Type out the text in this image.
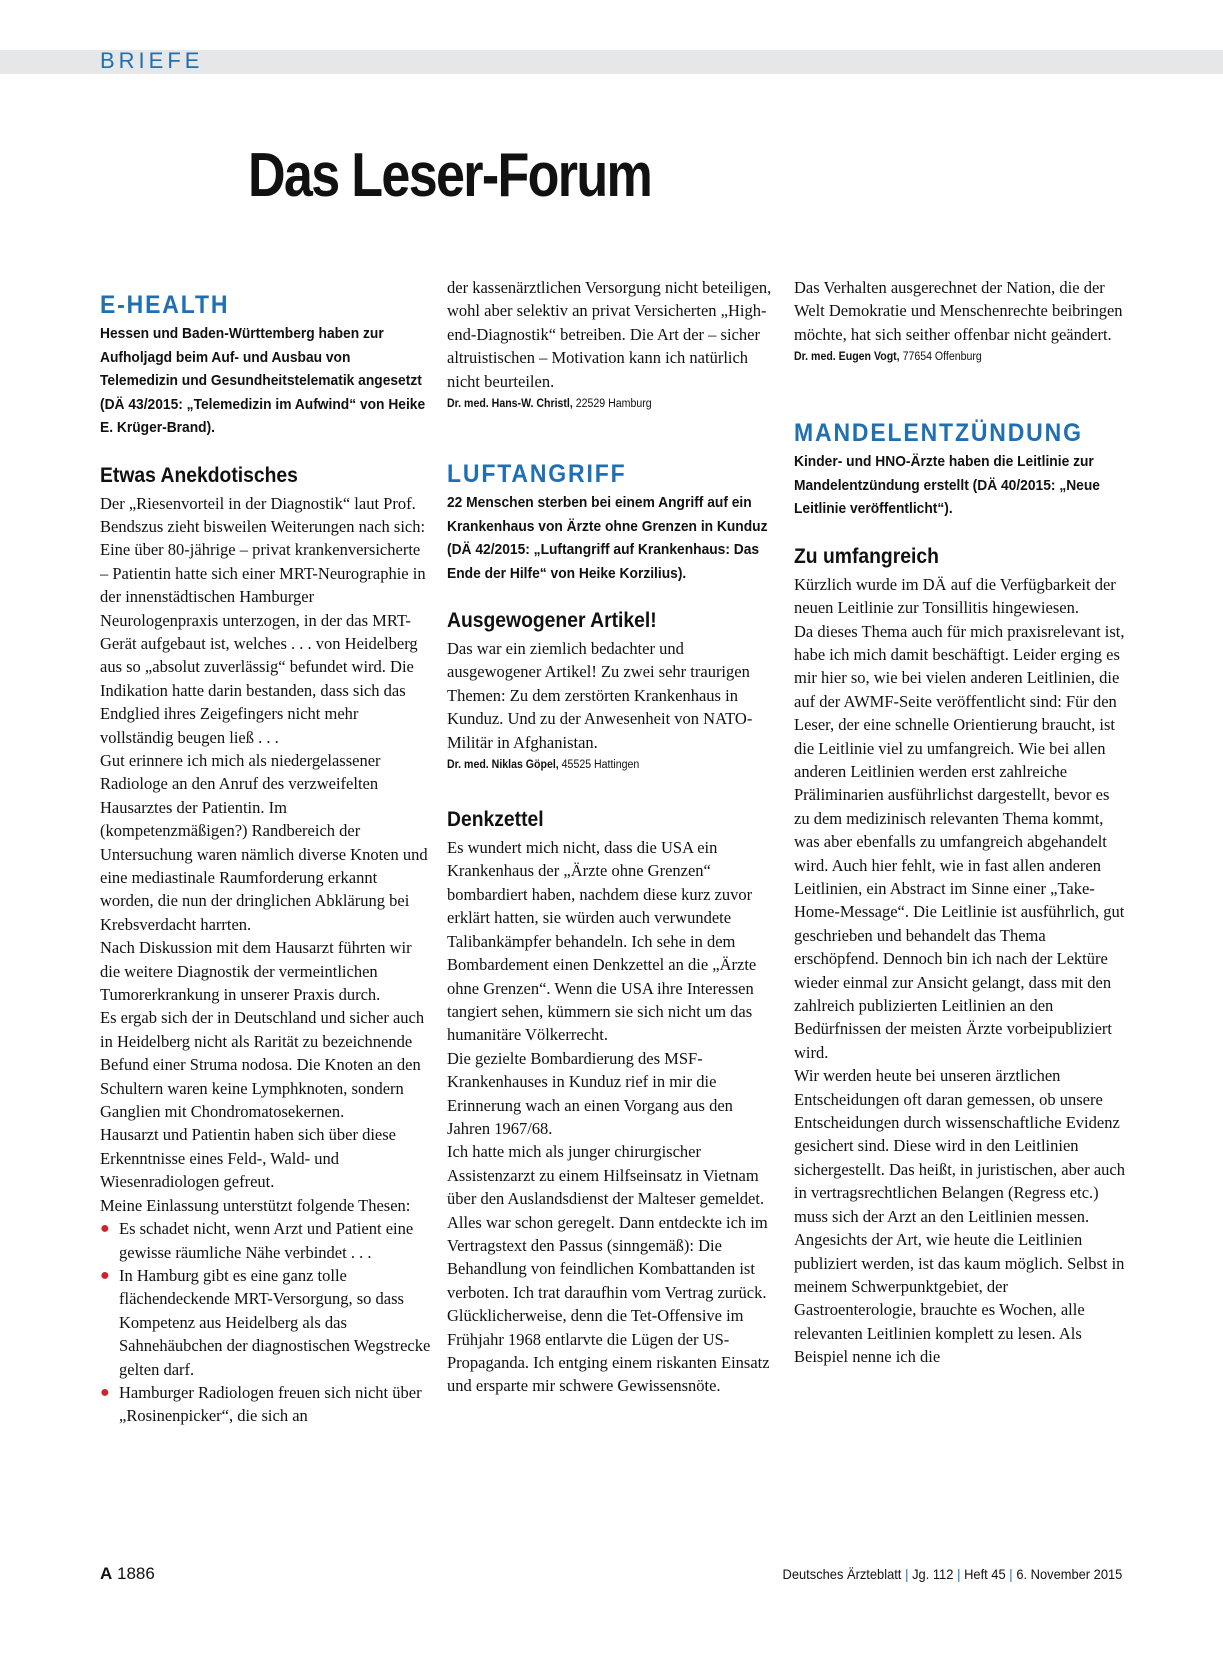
BRIEFE
Das Leser-Forum
E-HEALTH

Hessen und Baden-Württemberg haben zur Aufholjagd beim Auf- und Ausbau von Telemedizin und Gesundheitstelematik angesetzt (DÄ 43/2015: „Telemedizin im Aufwind“ von Heike E. Krüger-Brand).

Etwas Anekdotisches

Der „Riesenvorteil in der Diagnostik“ laut Prof. Bendszus zieht bisweilen Weiterungen nach sich:
Eine über 80-jährige – privat krankenversicherte – Patientin hatte sich einer MRT-Neurographie in der innenstädtischen Hamburger Neurologenpraxis unterzogen, in der das MRT-Gerät aufgebaut ist, welches . . . von Heidelberg aus so „absolut zuverlässig“ befundet wird. Die Indikation hatte darin bestanden, dass sich das Endglied ihres Zeigefingers nicht mehr vollständig beugen ließ . . .
Gut erinnere ich mich als niedergelassener Radiologe an den Anruf des verzweifelten Hausarztes der Patientin. Im (kompetenzmäßigen?) Randbereich der Untersuchung waren nämlich diverse Knoten und eine mediastinale Raumforderung erkannt worden, die nun der dringlichen Abklärung bei Krebsverdacht harrten.
Nach Diskussion mit dem Hausarzt führten wir die weitere Diagnostik der vermeintlichen Tumorerkrankung in unserer Praxis durch.
Es ergab sich der in Deutschland und sicher auch in Heidelberg nicht als Rarität zu bezeichnende Befund einer Struma nodosa. Die Knoten an den Schultern waren keine Lymphknoten, sondern Ganglien mit Chondromatosekernen.
Hausarzt und Patientin haben sich über diese Erkenntnisse eines Feld-, Wald- und Wiesenradiologen gefreut.
Meine Einlassung unterstützt folgende Thesen:

● Es schadet nicht, wenn Arzt und Patient eine gewisse räumliche Nähe verbindet . . .
● In Hamburg gibt es eine ganz tolle flächendeckende MRT-Versorgung, so dass Kompetenz aus Heidelberg als das Sahnehäubchen der diagnostischen Wegstrecke gelten darf.
● Hamburger Radiologen freuen sich nicht über „Rosinenpicker“, die sich an

der kassenärztlichen Versorgung nicht beteiligen, wohl aber selektiv an privat Versicherten „High-end-Diagnostik“ betreiben. Die Art der – sicher altruistischen – Motivation kann ich natürlich nicht beurteilen.

Dr. med. Hans-W. Christl, 22529 Hamburg

LUFTANGRIFF

22 Menschen sterben bei einem Angriff auf ein Krankenhaus von Ärzte ohne Grenzen in Kunduz (DÄ 42/2015: „Luftangriff auf Krankenhaus: Das Ende der Hilfe“ von Heike Korzilius).

Ausgewogener Artikel!

Das war ein ziemlich bedachter und ausgewogener Artikel! Zu zwei sehr traurigen Themen: Zu dem zerstörten Krankenhaus in Kunduz. Und zu der Anwesenheit von NATO-Militär in Afghanistan.

Dr. med. Niklas Göpel, 45525 Hattingen

Denkzettel

Es wundert mich nicht, dass die USA ein Krankenhaus der „Ärzte ohne Grenzen“ bombardiert haben, nachdem diese kurz zuvor erklärt hatten, sie würden auch verwundete Talibankämpfer behandeln. Ich sehe in dem Bombardement einen Denkzettel an die „Ärzte ohne Grenzen“. Wenn die USA ihre Interessen tangiert sehen, kümmern sie sich nicht um das humanitäre Völkerrecht.
Die gezielte Bombardierung des MSF-Krankenhauses in Kunduz rief in mir die Erinnerung wach an einen Vorgang aus den Jahren 1967/68.
Ich hatte mich als junger chirurgischer Assistenzarzt zu einem Hilfseinsatz in Vietnam über den Auslandsdienst der Malteser gemeldet. Alles war schon geregelt. Dann entdeckte ich im Vertragstext den Passus (sinngemäß): Die Behandlung von feindlichen Kombattanden ist verboten. Ich trat daraufhin vom Vertrag zurück. Glücklicherweise, denn die Tet-Offensive im Frühjahr 1968 entlarvte die Lügen der US-Propaganda. Ich entging einem riskanten Einsatz und ersparte mir schwere Gewissensnöte.

Das Verhalten ausgerechnet der Nation, die der Welt Demokratie und Menschenrechte beibringen möchte, hat sich seither offenbar nicht geändert.

Dr. med. Eugen Vogt, 77654 Offenburg

MANDELENTZÜNDUNG

Kinder- und HNO-Ärzte haben die Leitlinie zur Mandelentzündung erstellt (DÄ 40/2015: „Neue Leitlinie veröffentlicht“).

Zu umfangreich

Kürzlich wurde im DÄ auf die Verfügbarkeit der neuen Leitlinie zur Tonsillitis hingewiesen.
Da dieses Thema auch für mich praxisrelevant ist, habe ich mich damit beschäftigt. Leider erging es mir hier so, wie bei vielen anderen Leitlinien, die auf der AWMF-Seite veröffentlicht sind: Für den Leser, der eine schnelle Orientierung braucht, ist die Leitlinie viel zu umfangreich. Wie bei allen anderen Leitlinien werden erst zahlreiche Präliminarien ausführlichst dargestellt, bevor es zu dem medizinisch relevanten Thema kommt, was aber ebenfalls zu umfangreich abgehandelt wird. Auch hier fehlt, wie in fast allen anderen Leitlinien, ein Abstract im Sinne einer „Take-Home-Message“. Die Leitlinie ist ausführlich, gut geschrieben und behandelt das Thema erschöpfend. Dennoch bin ich nach der Lektüre wieder einmal zur Ansicht gelangt, dass mit den zahlreich publizierten Leitlinien an den Bedürfnissen der meisten Ärzte vorbeipubliziert wird.
Wir werden heute bei unseren ärztlichen Entscheidungen oft daran gemessen, ob unsere Entscheidungen durch wissenschaftliche Evidenz gesichert sind. Diese wird in den Leitlinien sichergestellt. Das heißt, in juristischen, aber auch in vertragsrechtlichen Belangen (Regress etc.) muss sich der Arzt an den Leitlinien messen. Angesichts der Art, wie heute die Leitlinien publiziert werden, ist das kaum möglich. Selbst in meinem Schwerpunktgebiet, der Gastroenterologie, brauchte es Wochen, alle relevanten Leitlinien komplett zu lesen. Als Beispiel nenne ich die

A 1886	Deutsches Ärzteblatt | Jg. 112 | Heft 45 | 6. November 2015
